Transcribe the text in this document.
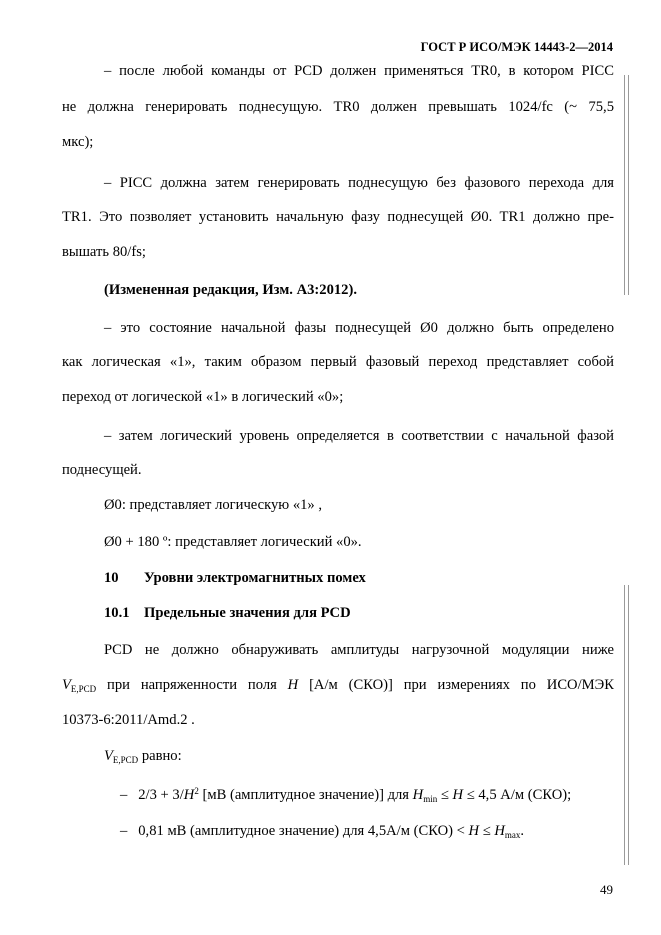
ГОСТ Р ИСО/МЭК 14443-2—2014
– после любой команды от PCD должен применяться TR0, в котором PICC
не должна генерировать поднесущую. TR0 должен превышать 1024/fc (~ 75,5
мкс);
– PICC должна затем генерировать поднесущую без фазового перехода для
TR1. Это позволяет установить начальную фазу поднесущей Ø0. TR1 должно пре-
вышать 80/fs;
(Измененная редакция, Изм. A3:2012).
– это состояние начальной фазы поднесущей Ø0 должно быть определено
как логическая «1», таким образом первый фазовый переход представляет собой
переход от логической «1» в логический «0»;
– затем логический уровень определяется в соответствии с начальной фазой
поднесущей.
Ø0: представляет логическую «1» ,
Ø0 + 180 º: представляет логический «0».
10 Уровни электромагнитных помех
10.1 Предельные значения для PCD
PCD не должно обнаруживать амплитуды нагрузочной модуляции ниже
$V_{E,PCD}$ при напряженности поля H [А/м (СКО)] при измерениях по ИСО/МЭК
10373-6:2011/Amd.2 .
$V_{E,PCD}$ равно:
– $2/3 + 3/H^2$ [мВ (амплитудное значение)] для $H_{min} \le H \le 4,5$ А/м (СКО);
– 0,81 мВ (амплитудное значение) для 4,5А/м $(СКО) < H \le H_{max}$.
49
